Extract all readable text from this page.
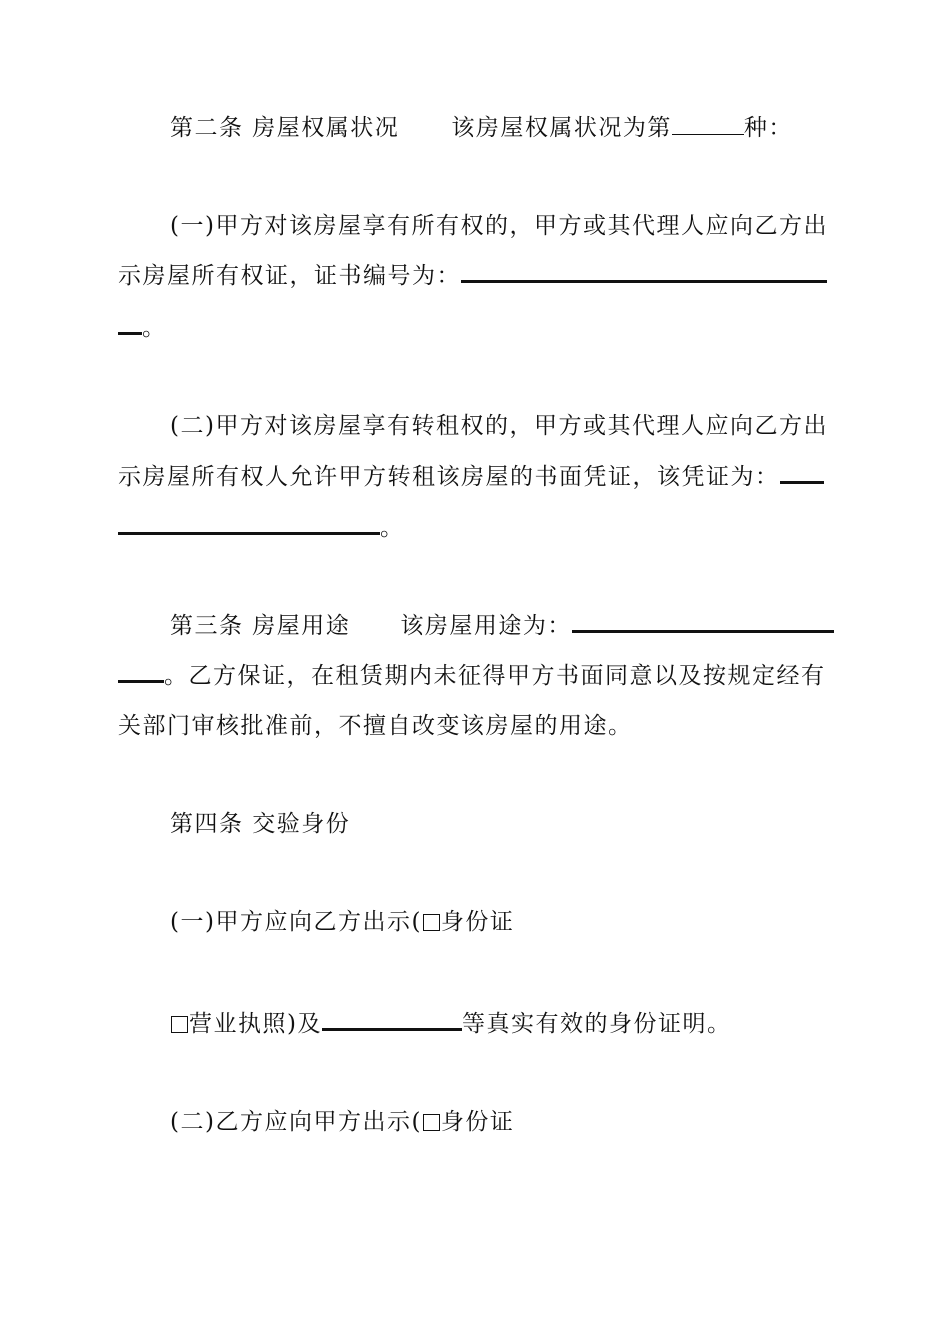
第二条 房屋权属状况 该房屋权属状况为第	种：
(一)甲方对该房屋享有所有权的，甲方或其代理人应向乙方出
示房屋所有权证，证书编号为：
。
(二)甲方对该房屋享有转租权的，甲方或其代理人应向乙方出
示房屋所有权人允许甲方转租该房屋的书面凭证，该凭证为：
。
第三条 房屋用途 该房屋用途为：
。乙方保证，在租赁期内未征得甲方书面同意以及按规定经有
关部门审核批准前，不擅自改变该房屋的用途。
第四条 交验身份
(一)甲方应向乙方出示( 身份证
营业执照)及	等真实有效的身份证明。
(二)乙方应向甲方出示( 身份证
